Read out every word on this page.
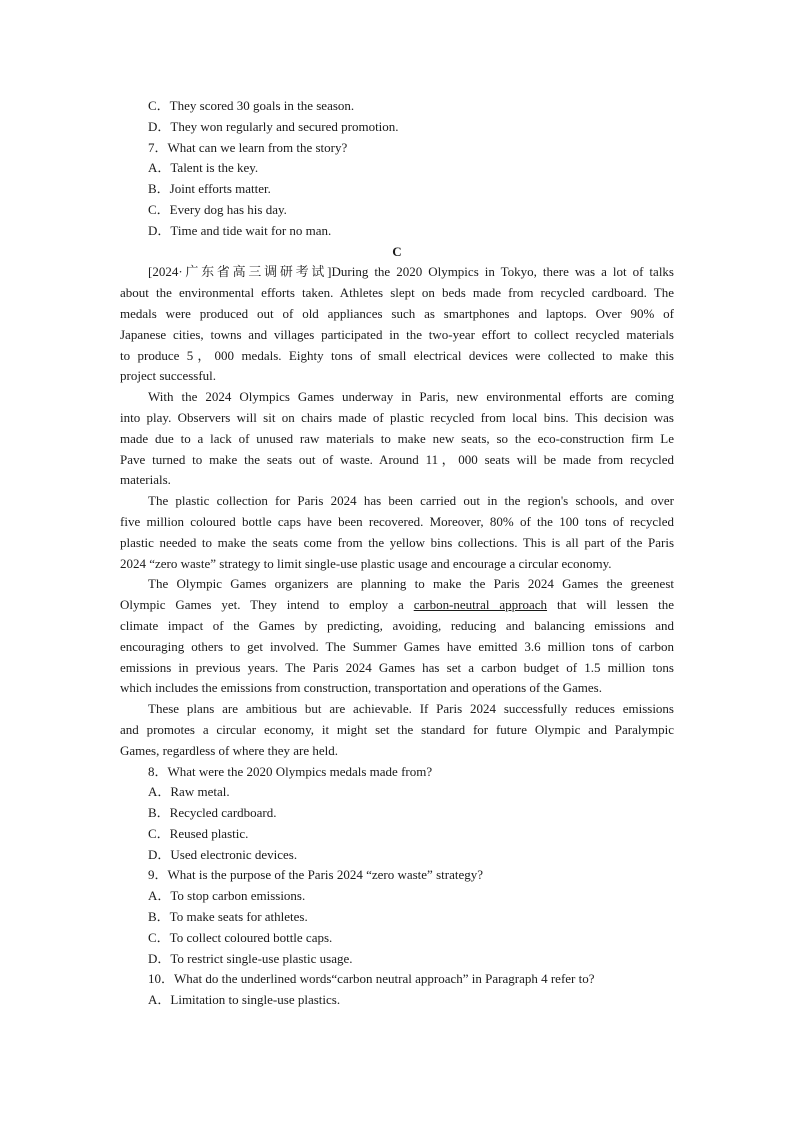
C．They scored 30 goals in the season.
D．They won regularly and secured promotion.
7．What can we learn from the story?
A．Talent is the key.
B．Joint efforts matter.
C．Every dog has his day.
D．Time and tide wait for no man.
C
[2024·广东省高三调研考试]During the 2020 Olympics in Tokyo, there was a lot of talks
about the environmental efforts taken. Athletes slept on beds made from recycled cardboard. The
medals were produced out of old appliances such as smartphones and laptops. Over 90% of
Japanese cities, towns and villages participated in the two-year effort to collect recycled materials
to produce 5，000 medals. Eighty tons of small electrical devices were collected to make this
project successful.
With the 2024 Olympics Games underway in Paris, new environmental efforts are coming
into play. Observers will sit on chairs made of plastic recycled from local bins. This decision was
made due to a lack of unused raw materials to make new seats, so the eco-construction firm Le
Pave turned to make the seats out of waste. Around 11，000 seats will be made from recycled
materials.
The plastic collection for Paris 2024 has been carried out in the region's schools, and over
five million coloured bottle caps have been recovered. Moreover, 80% of the 100 tons of recycled
plastic needed to make the seats come from the yellow bins collections. This is all part of the Paris
2024 “zero waste” strategy to limit single-use plastic usage and encourage a circular economy.
The Olympic Games organizers are planning to make the Paris 2024 Games the greenest
Olympic Games yet. They intend to employ a carbon-neutral approach that will lessen the
climate impact of the Games by predicting, avoiding, reducing and balancing emissions and
encouraging others to get involved. The Summer Games have emitted 3.6 million tons of carbon
emissions in previous years. The Paris 2024 Games has set a carbon budget of 1.5 million tons
which includes the emissions from construction, transportation and operations of the Games.
These plans are ambitious but are achievable. If Paris 2024 successfully reduces emissions
and promotes a circular economy, it might set the standard for future Olympic and Paralympic
Games, regardless of where they are held.
8．What were the 2020 Olympics medals made from?
A．Raw metal.
B．Recycled cardboard.
C．Reused plastic.
D．Used electronic devices.
9．What is the purpose of the Paris 2024 “zero waste” strategy?
A．To stop carbon emissions.
B．To make seats for athletes.
C．To collect coloured bottle caps.
D．To restrict single-use plastic usage.
10．What do the underlined words“carbon neutral approach” in Paragraph 4 refer to?
A．Limitation to single-use plastics.
